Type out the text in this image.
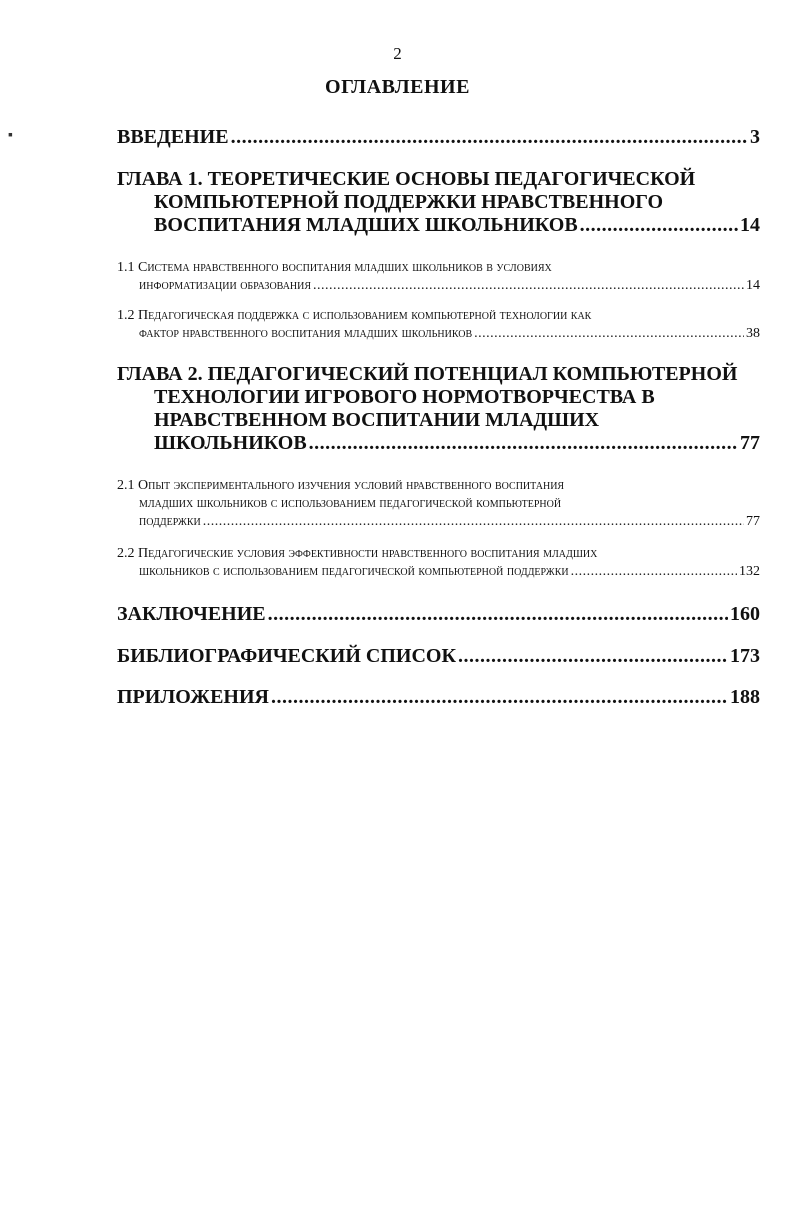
2
ОГЛАВЛЕНИЕ
▪	ВВЕДЕНИЕ .....	3
ГЛАВА 1. ТЕОРЕТИЧЕСКИЕ ОСНОВЫ ПЕДАГОГИЧЕСКОЙ
КОМПЬЮТЕРНОЙ ПОДДЕРЖКИ НРАВСТВЕННОГО
ВОСПИТАНИЯ МЛАДШИХ ШКОЛЬНИКОВ .....	14
1.1 Система нравственного воспитания младших школьников в условиях
информатизации образования .....	14
1.2 Педагогическая поддержка с использованием компьютерной технологии как
фактор нравственного воспитания младших школьников .....	38
ГЛАВА 2. ПЕДАГОГИЧЕСКИЙ ПОТЕНЦИАЛ КОМПЬЮТЕРНОЙ
ТЕХНОЛОГИИ ИГРОВОГО НОРМОТВОРЧЕСТВА В
НРАВСТВЕННОМ ВОСПИТАНИИ МЛАДШИХ
ШКОЛЬНИКОВ .....	77
2.1 Опыт экспериментального изучения условий нравственного воспитания
младших школьников с использованием педагогической компьютерной
поддержки .....	77
2.2 Педагогические условия эффективности нравственного воспитания младших
школьников с использованием педагогической компьютерной поддержки .....	132
ЗАКЛЮЧЕНИЕ .....	160
БИБЛИОГРАФИЧЕСКИЙ СПИСОК .....	173
ПРИЛОЖЕНИЯ .....	188
